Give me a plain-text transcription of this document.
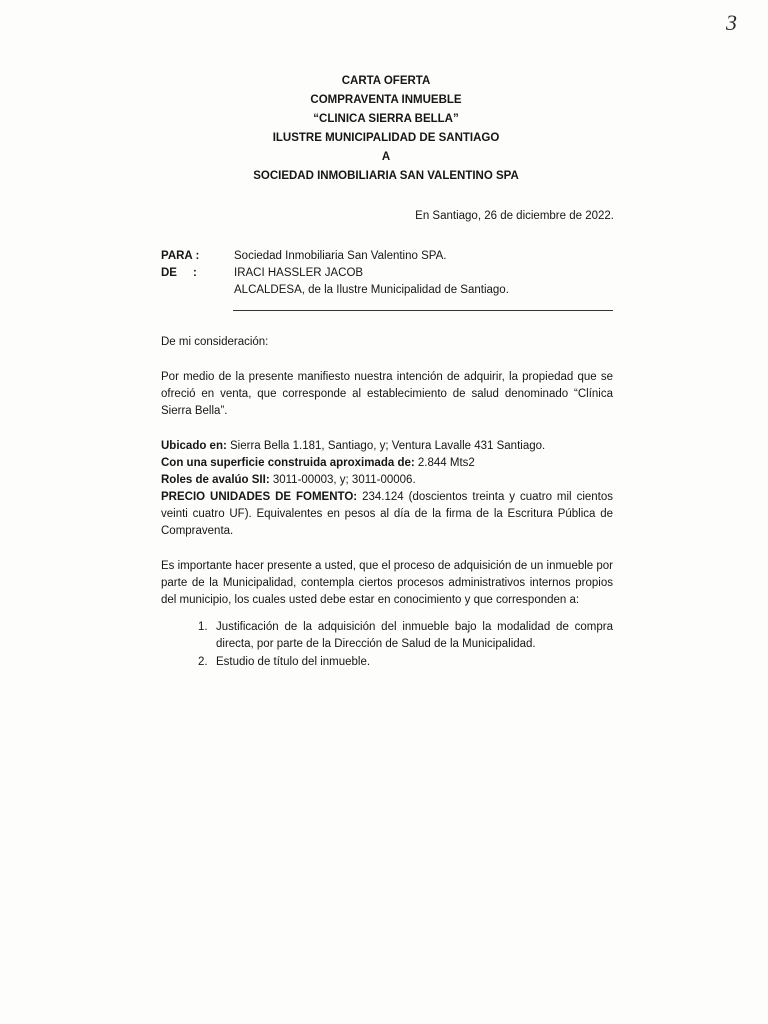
3
CARTA OFERTA
COMPRAVENTA INMUEBLE
“CLINICA SIERRA BELLA”
ILUSTRE MUNICIPALIDAD DE SANTIAGO
A
SOCIEDAD INMOBILIARIA SAN VALENTINO SPA
En Santiago, 26 de diciembre de 2022.
PARA :	Sociedad Inmobiliaria San Valentino SPA.
DE     :	IRACI HASSLER JACOB
ALCALDESA, de la Ilustre Municipalidad de Santiago.

De mi consideración:

Por medio de la presente manifiesto nuestra intención de adquirir, la propiedad que se ofreció en venta, que corresponde al establecimiento de salud denominado “Clínica Sierra Bella”.

Ubicado en: Sierra Bella 1.181, Santiago, y; Ventura Lavalle 431 Santiago.
Con una superficie construida aproximada de: 2.844 Mts2
Roles de avalúo SII: 3011-00003, y; 3011-00006.
PRECIO UNIDADES DE FOMENTO: 234.124 (doscientos treinta y cuatro mil cientos veinti cuatro UF). Equivalentes en pesos al día de la firma de la Escritura Pública de Compraventa.

Es importante hacer presente a usted, que el proceso de adquisición de un inmueble por parte de la Municipalidad, contempla ciertos procesos administrativos internos propios del municipio, los cuales usted debe estar en conocimiento y que corresponden a:

1. Justificación de la adquisición del inmueble bajo la modalidad de compra directa, por parte de la Dirección de Salud de la Municipalidad.
2. Estudio de título del inmueble.
